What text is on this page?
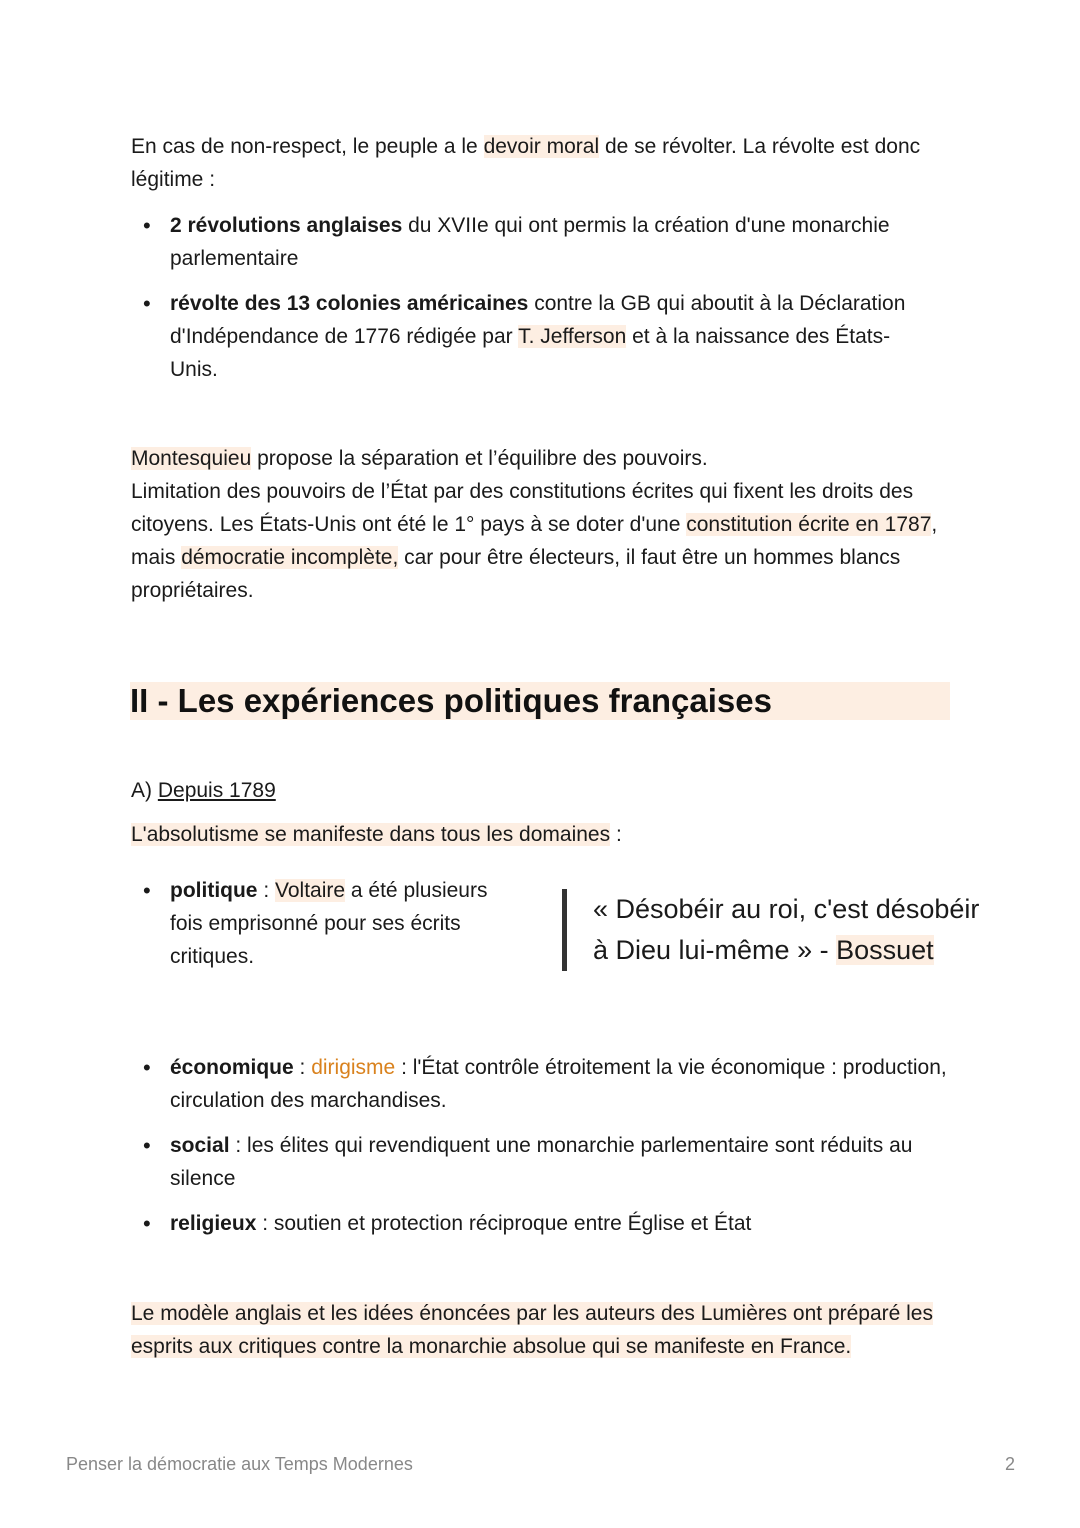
En cas de non-respect, le peuple a le devoir moral de se révolter. La révolte est donc légitime :
• 2 révolutions anglaises du XVIIe qui ont permis la création d'une monarchie parlementaire
• révolte des 13 colonies américaines contre la GB qui aboutit à la Déclaration d'Indépendance de 1776 rédigée par T. Jefferson et à la naissance des États-Unis.
Montesquieu propose la séparation et l’équilibre des pouvoirs.
Limitation des pouvoirs de l’État par des constitutions écrites qui fixent les droits des citoyens. Les États-Unis ont été le 1° pays à se doter d'une constitution écrite en 1787, mais démocratie incomplète, car pour être électeurs, il faut être un hommes blancs propriétaires.
II - Les expériences politiques françaises
A) Depuis 1789
L'absolutisme se manifeste dans tous les domaines :
• politique : Voltaire a été plusieurs fois emprisonné pour ses écrits critiques.
« Désobéir au roi, c'est désobéir à Dieu lui-même » - Bossuet
• économique : dirigisme : l'État contrôle étroitement la vie économique : production, circulation des marchandises.
• social : les élites qui revendiquent une monarchie parlementaire sont réduits au silence
• religieux : soutien et protection réciproque entre Église et État
Le modèle anglais et les idées énoncées par les auteurs des Lumières ont préparé les esprits aux critiques contre la monarchie absolue qui se manifeste en France.
Penser la démocratie aux Temps Modernes	2
